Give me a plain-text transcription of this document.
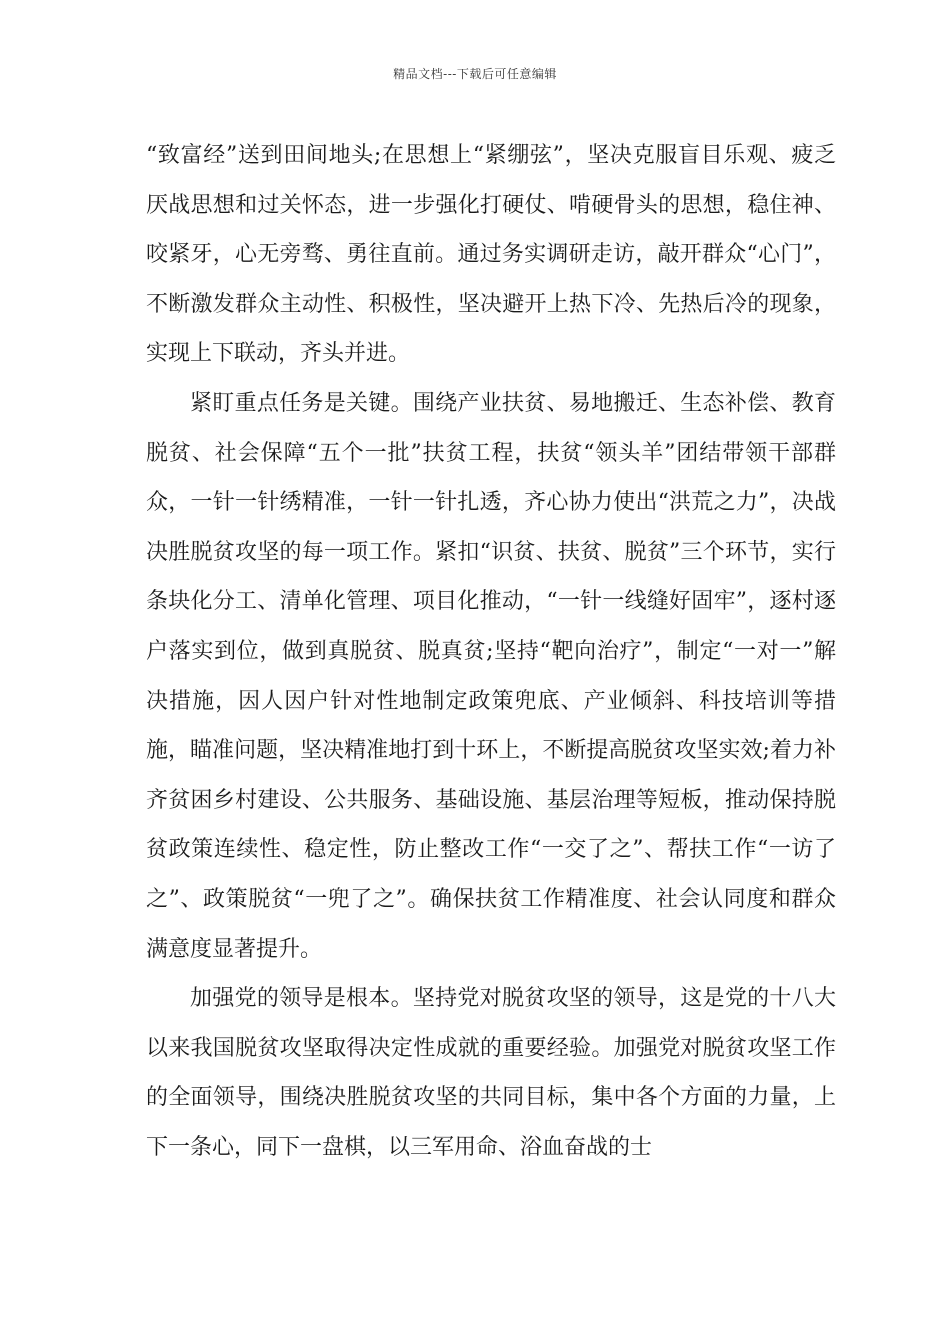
精品文档---下载后可任意编辑

“致富经”送到田间地头;在思想上“紧绷弦”，坚决克服盲目乐观、疲乏厌战思想和过关怀态，进一步强化打硬仗、啃硬骨头的思想，稳住神、咬紧牙，心无旁骛、勇往直前。通过务实调研走访，敲开群众“心门”，不断激发群众主动性、积极性，坚决避开上热下冷、先热后冷的现象，实现上下联动，齐头并进。

紧盯重点任务是关键。围绕产业扶贫、易地搬迁、生态补偿、教育脱贫、社会保障“五个一批”扶贫工程，扶贫“领头羊”团结带领干部群众，一针一针绣精准，一针一针扎透，齐心协力使出“洪荒之力”，决战决胜脱贫攻坚的每一项工作。紧扣“识贫、扶贫、脱贫”三个环节，实行条块化分工、清单化管理、项目化推动，“一针一线缝好固牢”，逐村逐户落实到位，做到真脱贫、脱真贫;坚持“靶向治疗”，制定“一对一”解决措施，因人因户针对性地制定政策兜底、产业倾斜、科技培训等措施，瞄准问题，坚决精准地打到十环上，不断提高脱贫攻坚实效;着力补齐贫困乡村建设、公共服务、基础设施、基层治理等短板，推动保持脱贫政策连续性、稳定性，防止整改工作“一交了之”、帮扶工作“一访了之”、政策脱贫“一兜了之”。确保扶贫工作精准度、社会认同度和群众满意度显著提升。

加强党的领导是根本。坚持党对脱贫攻坚的领导，这是党的十八大以来我国脱贫攻坚取得决定性成就的重要经验。加强党对脱贫攻坚工作的全面领导，围绕决胜脱贫攻坚的共同目标，集中各个方面的力量，上下一条心，同下一盘棋，以三军用命、浴血奋战的士
